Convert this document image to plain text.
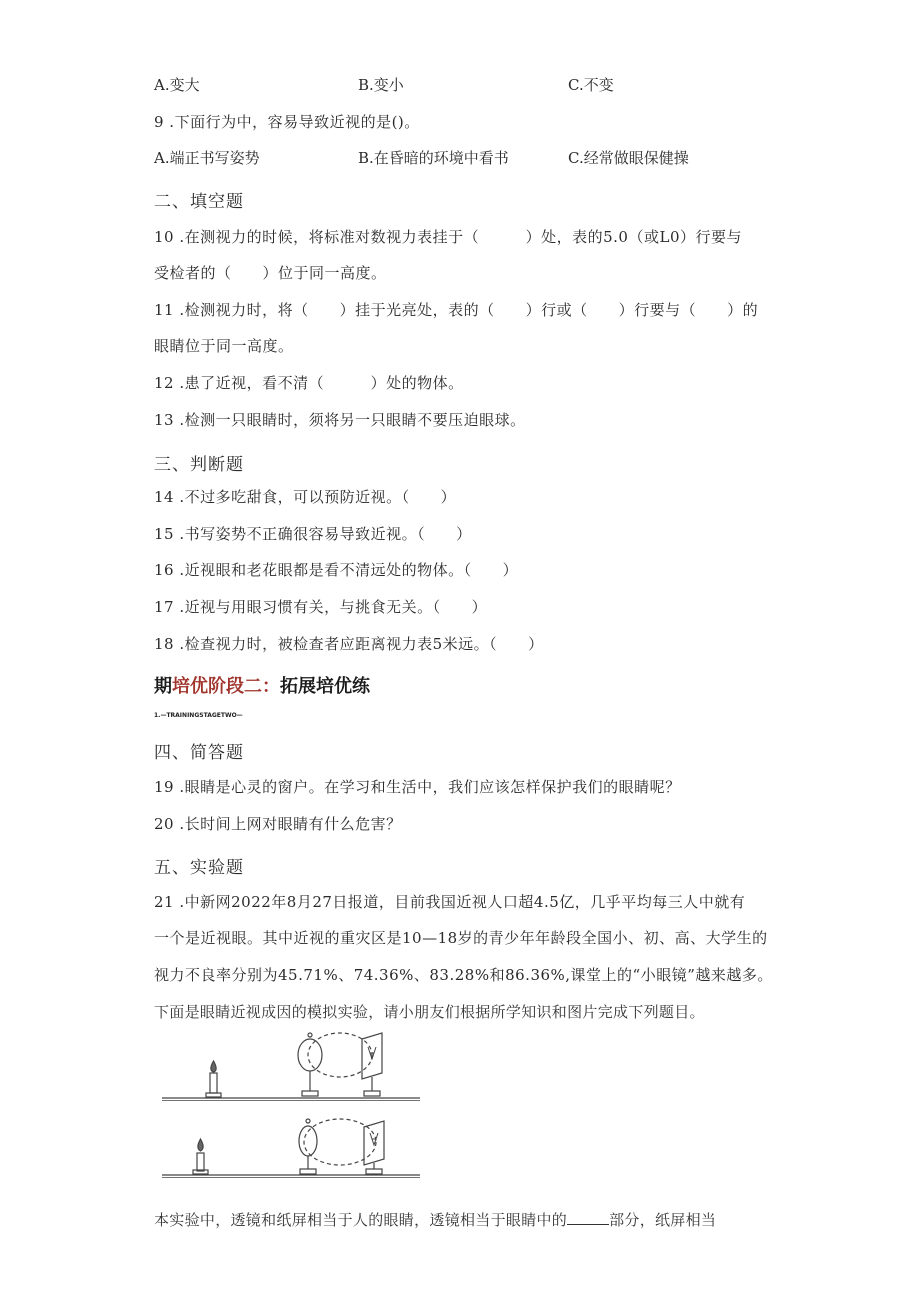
A.变大	B.变小	C.不变
9 .下面行为中，容易导致近视的是()。
A.端正书写姿势	B.在昏暗的环境中看书	C.经常做眼保健操
二、填空题
10 .在测视力的时候，将标准对数视力表挂于（　　　）处，表的5.0（或L0）行要与
受检者的（　　）位于同一高度。
11 .检测视力时，将（　　）挂于光亮处，表的（　　）行或（　　）行要与（　　）的
眼睛位于同一高度。
12 .患了近视，看不清（　　　）处的物体。
13 .检测一只眼睛时，须将另一只眼睛不要压迫眼球。
三、判断题
14 .不过多吃甜食，可以预防近视。（　　）
15 .书写姿势不正确很容易导致近视。（　　）
16 .近视眼和老花眼都是看不清远处的物体。（　　）
17 .近视与用眼习惯有关，与挑食无关。（　　）
18 .检查视力时，被检查者应距离视力表5米远。（　　）
期培优阶段二：拓展培优练
1.—TRAININGSTAGETWO—
四、简答题
19 .眼睛是心灵的窗户。在学习和生活中，我们应该怎样保护我们的眼睛呢？
20 .长时间上网对眼睛有什么危害？
五、实验题
21 .中新网2022年8月27日报道，目前我国近视人口超4.5亿，几乎平均每三人中就有
一个是近视眼。其中近视的重灾区是10—18岁的青少年年龄段全国小、初、高、大学生的
视力不良率分别为45.71%、74.36%、83.28%和86.36%,课堂上的“小眼镜”越来越多。
下面是眼睛近视成因的模拟实验，请小朋友们根据所学知识和图片完成下列题目。
本实验中，透镜和纸屏相当于人的眼睛，透镜相当于眼睛中的	部分，纸屏相当
